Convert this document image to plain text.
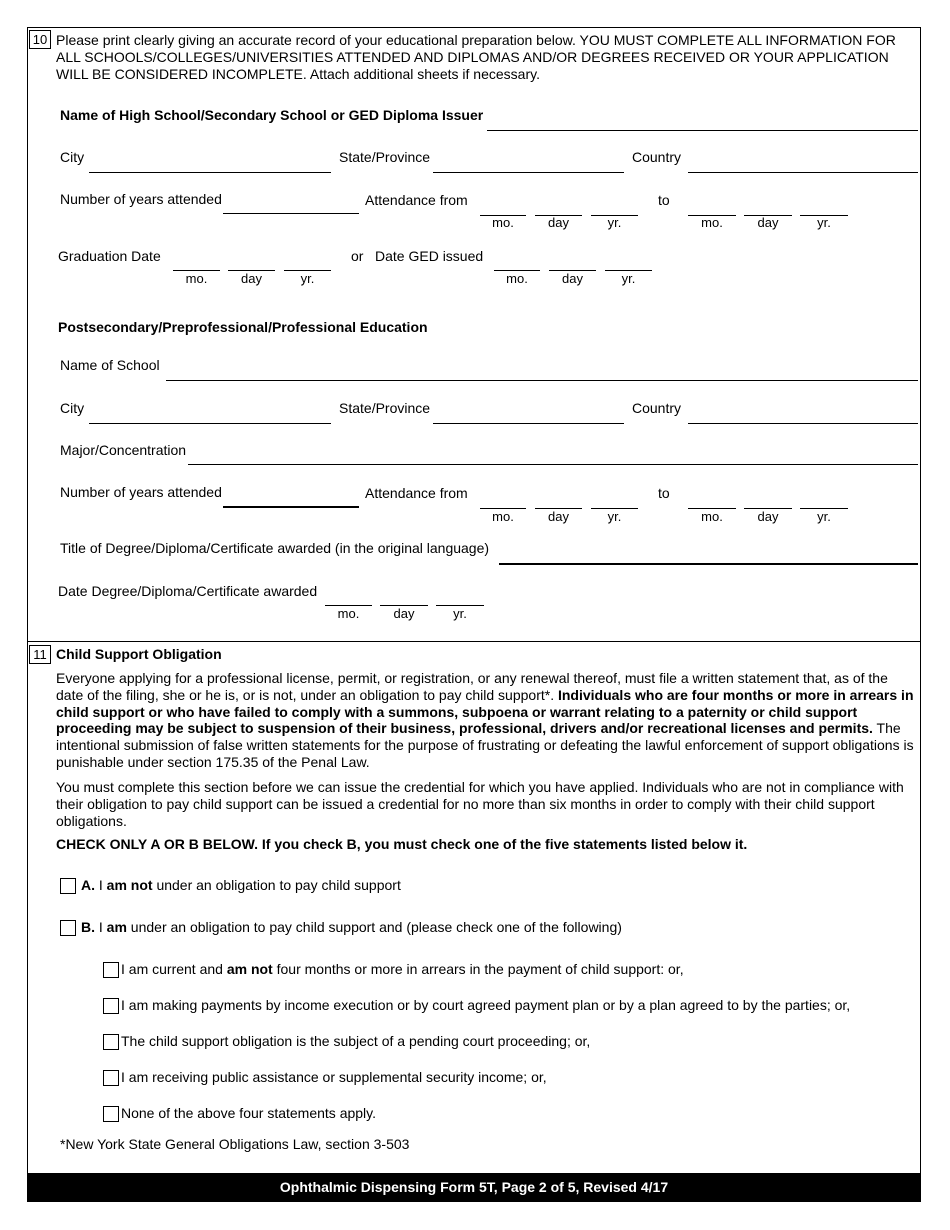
10 Please print clearly giving an accurate record of your educational preparation below. YOU MUST COMPLETE ALL INFORMATION FOR ALL SCHOOLS/COLLEGES/UNIVERSITIES ATTENDED AND DIPLOMAS AND/OR DEGREES RECEIVED OR YOUR APPLICATION WILL BE CONSIDERED INCOMPLETE. Attach additional sheets if necessary.
Name of High School/Secondary School or GED Diploma Issuer
City	State/Province	Country
Number of years attended	Attendance from
mo.	day	yr.
to
mo.	day	yr.
Graduation Date
mo.	day	yr.
or Date GED issued
mo.	day	yr.
Postsecondary/Preprofessional/Professional Education
Name of School
City	State/Province	Country
Major/Concentration
Number of years attended	Attendance from
mo.	day	yr.
to
mo.	day	yr.
Title of Degree/Diploma/Certificate awarded (in the original language)
Date Degree/Diploma/Certificate awarded
mo.	day	yr.
11 Child Support Obligation
Everyone applying for a professional license, permit, or registration, or any renewal thereof, must file a written statement that, as of the date of the filing, she or he is, or is not, under an obligation to pay child support*. Individuals who are four months or more in arrears in child support or who have failed to comply with a summons, subpoena or warrant relating to a paternity or child support proceeding may be subject to suspension of their business, professional, drivers and/or recreational licenses and permits. The intentional submission of false written statements for the purpose of frustrating or defeating the lawful enforcement of support obligations is punishable under section 175.35 of the Penal Law.
You must complete this section before we can issue the credential for which you have applied. Individuals who are not in compliance with their obligation to pay child support can be issued a credential for no more than six months in order to comply with their child support obligations.
CHECK ONLY A OR B BELOW. If you check B, you must check one of the five statements listed below it.
A. I am not under an obligation to pay child support
B. I am under an obligation to pay child support and (please check one of the following)
I am current and am not four months or more in arrears in the payment of child support: or,
I am making payments by income execution or by court agreed payment plan or by a plan agreed to by the parties; or,
The child support obligation is the subject of a pending court proceeding; or,
I am receiving public assistance or supplemental security income; or,
None of the above four statements apply.
*New York State General Obligations Law, section 3-503
Ophthalmic Dispensing Form 5T, Page 2 of 5, Revised 4/17
